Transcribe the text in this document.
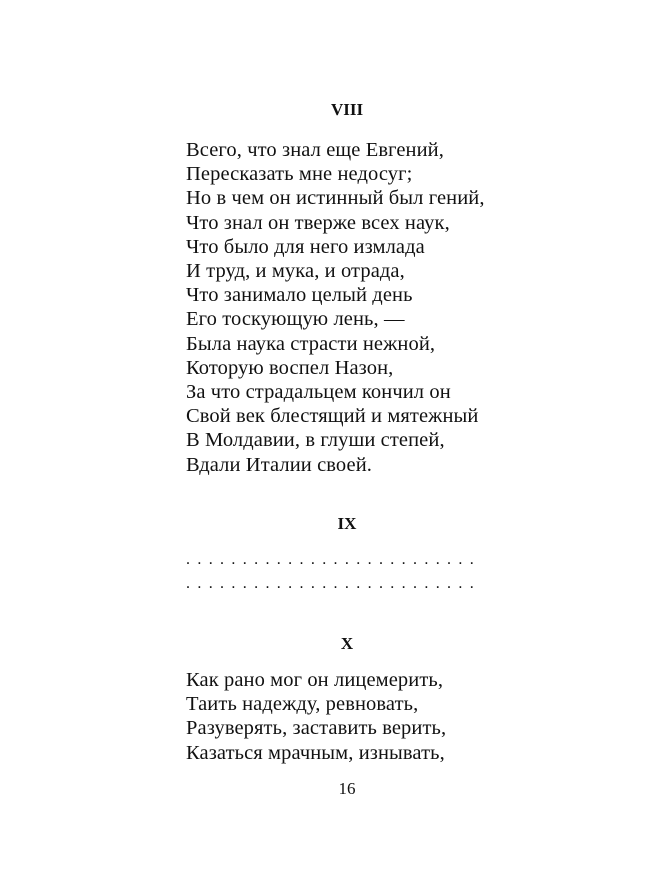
VIII
Всего, что знал еще Евгений,
Пересказать мне недосуг;
Но в чем он истинный был гений,
Что знал он тверже всех наук,
Что было для него измлада
И труд, и мука, и отрада,
Что занимало целый день
Его тоскующую лень, —
Была наука страсти нежной,
Которую воспел Назон,
За что страдальцем кончил он
Свой век блестящий и мятежный
В Молдавии, в глуши степей,
Вдали Италии своей.
IX
..........................
..........................
X
Как рано мог он лицемерить,
Таить надежду, ревновать,
Разуверять, заставить верить,
Казаться мрачным, изнывать,

16
